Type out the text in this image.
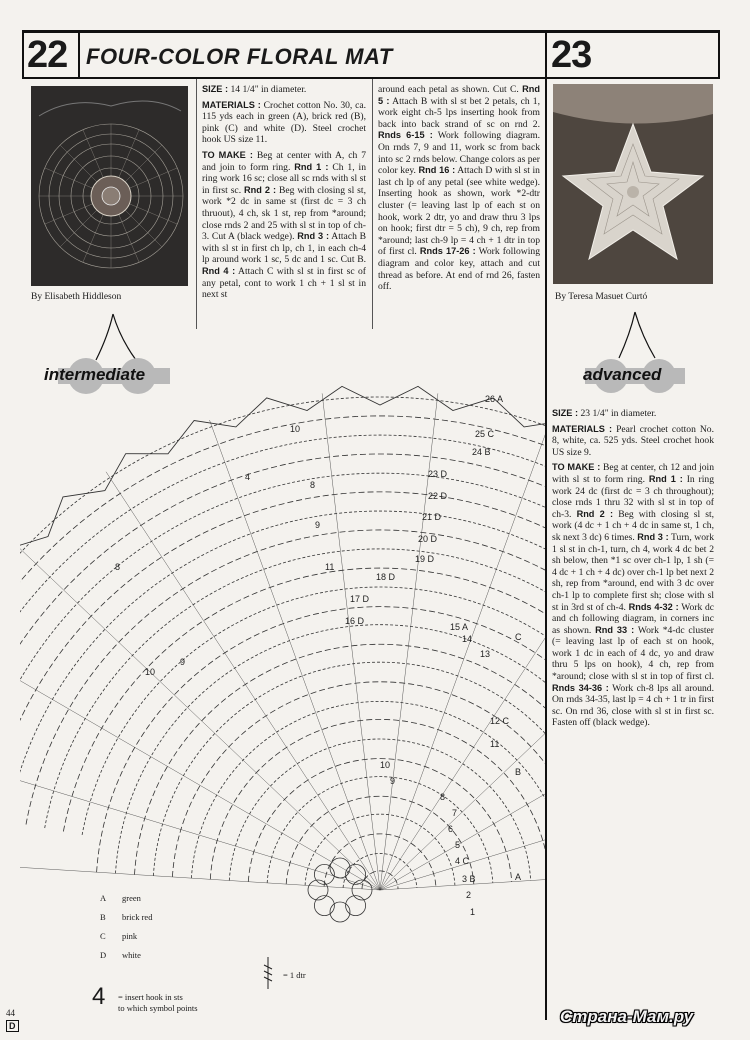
22 FOUR-COLOR FLORAL MAT	23
By Elisabeth Hiddleson

SIZE : 14 1/4" in diameter.

MATERIALS : Crochet cotton No. 30, ca. 115 yds each in green (A), brick red (B), pink (C) and white (D). Steel crochet hook US size 11.

TO MAKE : Beg at center with A, ch 7 and join to form ring. Rnd 1 : Ch 1, in ring work 16 sc; close all sc rnds with sl st in first sc. Rnd 2 : Beg with closing sl st, work *2 dc in same st (first dc = 3 ch thruout), 4 ch, sk 1 st, rep from *around; close rnds 2 and 25 with sl st in top of ch-3. Cut A (black wedge). Rnd 3 : Attach B with sl st in first ch lp, ch 1, in each ch-4 lp around work 1 sc, 5 dc and 1 sc. Cut B. Rnd 4 : Attach C with sl st in first sc of any petal, cont to work 1 ch + 1 sl st in next st

around each petal as shown. Cut C. Rnd 5 : Attach B with sl st bet 2 petals, ch 1, work eight ch-5 lps inserting hook from back into back strand of sc on rnd 2. Rnds 6-15 : Work following diagram. On rnds 7, 9 and 11, work sc from back into sc 2 rnds below. Change colors as per color key. Rnd 16 : Attach D with sl st in last ch lp of any petal (see white wedge). Inserting hook as shown, work *2-dtr cluster (= leaving last lp of each st on hook, work 2 dtr, yo and draw thru 3 lps on hook; first dtr = 5 ch), 9 ch, rep from *around; last ch-9 lp = 4 ch + 1 dtr in top of first cl. Rnds 17-26 : Work following diagram and color key, attach and cut thread as before. At end of rnd 26, fasten off.

By Teresa Masuet Curtó
intermediate	advanced

SIZE : 23 1/4" in diameter.

MATERIALS : Pearl crochet cotton No. 8, white, ca. 525 yds. Steel crochet hook US size 9.

TO MAKE : Beg at center, ch 12 and join with sl st to form ring. Rnd 1 : In ring work 24 dc (first dc = 3 ch throughout); close rnds 1 thru 32 with sl st in top of ch-3. Rnd 2 : Beg with closing sl st, work (4 dc + 1 ch + 4 dc in same st, 1 ch, sk next 3 dc) 6 times. Rnd 3 : Turn, work 1 sl st in ch-1, turn, ch 4, work 4 dc bet 2 sh below, then *1 sc over ch-1 lp, 1 sh (= 4 dc + 1 ch + 4 dc) over ch-1 lp bet next 2 sh, rep from *around, end with 3 dc over ch-1 lp to complete first sh; close with sl st in 3rd st of ch-4. Rnds 4-32 : Work dc and ch following diagram, in corners inc as shown. Rnd 33 : Work *4-dc cluster (= leaving last lp of each st on hook, work 1 dc in each of 4 dc, yo and draw thru 5 lps on hook), 4 ch, rep from *around; close with sl st in top of first cl. Rnds 34-36 : Work ch-8 lps all around. On rnds 34-35, last lp = 4 ch + 1 tr in first sc. On rnd 36, close with sl st in first sc. Fasten off (black wedge).

26 A
25 C
24 B
23 D
22 D
21 D
20 D
19 D
18 D
17 D
16 D
15 A
14
13
12 C
11
10
9
8
7
6
5
4 C
3 B
2
1
C
B
A
10
4
8
9
11
8
9
10
A green
B brick red
C pink
D white
= 1 dtr
4 = insert hook in sts
to which symbol points
44
D	Страна-Мам.ру
